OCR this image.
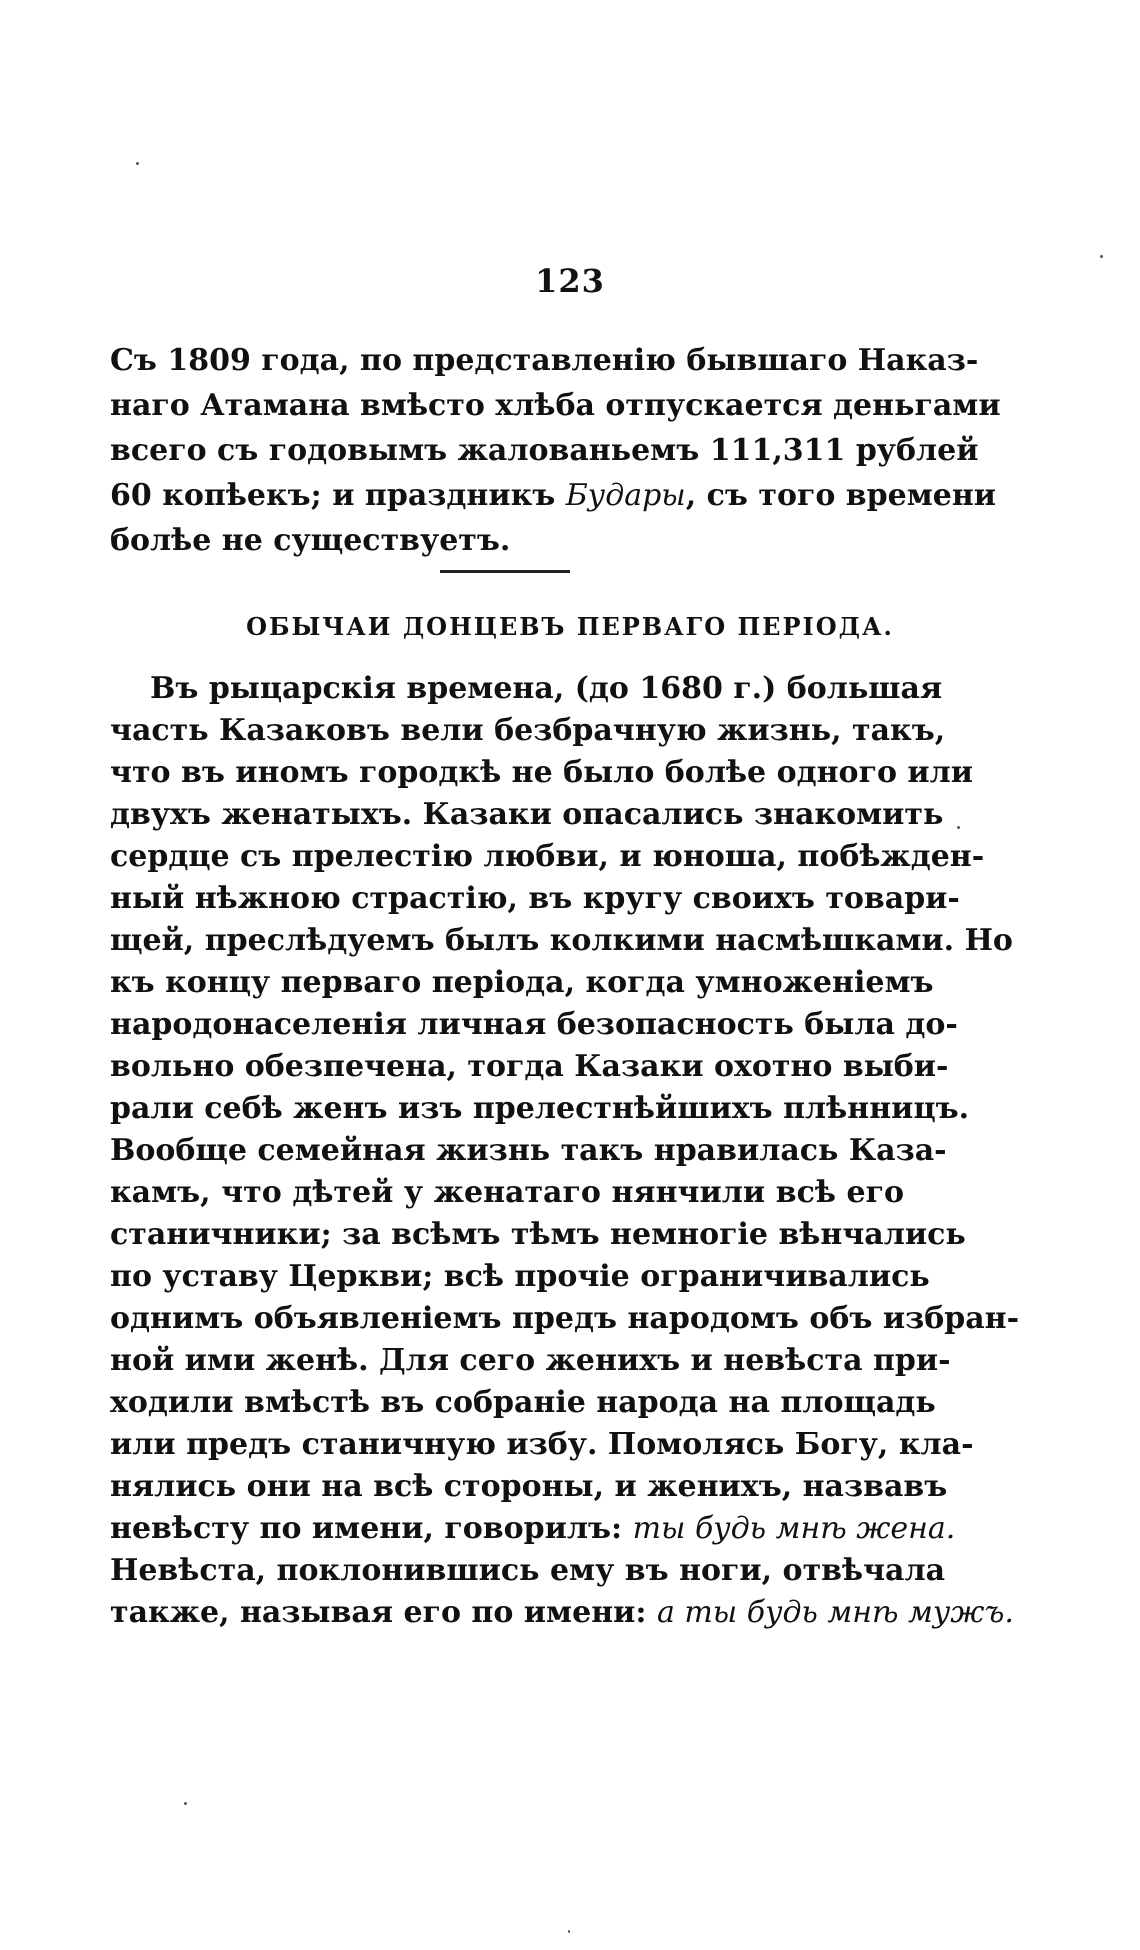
123
Съ 1809 года, по представленію бывшаго Наказ-
наго Атамана вмѣсто хлѣба отпускается деньгами
всего съ годовымъ жалованьемъ 111,311 рублей
60 копѣекъ; и праздникъ Будары, съ того времени
болѣе не существуетъ.
ОБЫЧАИ ДОНЦЕВЪ ПЕРВАГО ПЕРІОДА.
Въ рыцарскія времена, (до 1680 г.) большая
часть Казаковъ вели безбрачную жизнь, такъ,
что въ иномъ городкѣ не было болѣе одного или
двухъ женатыхъ. Казаки опасались знакомить
сердце съ прелестію любви, и юноша, побѣжден-
ный нѣжною страстію, въ кругу своихъ товари-
щей, преслѣдуемъ былъ колкими насмѣшками. Но
къ концу перваго періода, когда умноженіемъ
народонаселенія личная безопасность была до-
вольно обезпечена, тогда Казаки охотно выби-
рали себѣ женъ изъ прелестнѣйшихъ плѣнницъ.
Вообще семейная жизнь такъ нравилась Каза-
камъ, что дѣтей у женатаго нянчили всѣ его
станичники; за всѣмъ тѣмъ немногіе вѣнчались
по уставу Церкви; всѣ прочіе ограничивались
однимъ объявленіемъ предъ народомъ объ избран-
ной ими женѣ. Для сего женихъ и невѣста при-
ходили вмѣстѣ въ собраніе народа на площадь
или предъ станичную избу. Помолясь Богу, кла-
нялись они на всѣ стороны, и женихъ, назвавъ
невѣсту по имени, говорилъ: ты будь мнѣ жена.
Невѣста, поклонившись ему въ ноги, отвѣчала
также, называя его по имени: а ты будь мнѣ мужъ.
